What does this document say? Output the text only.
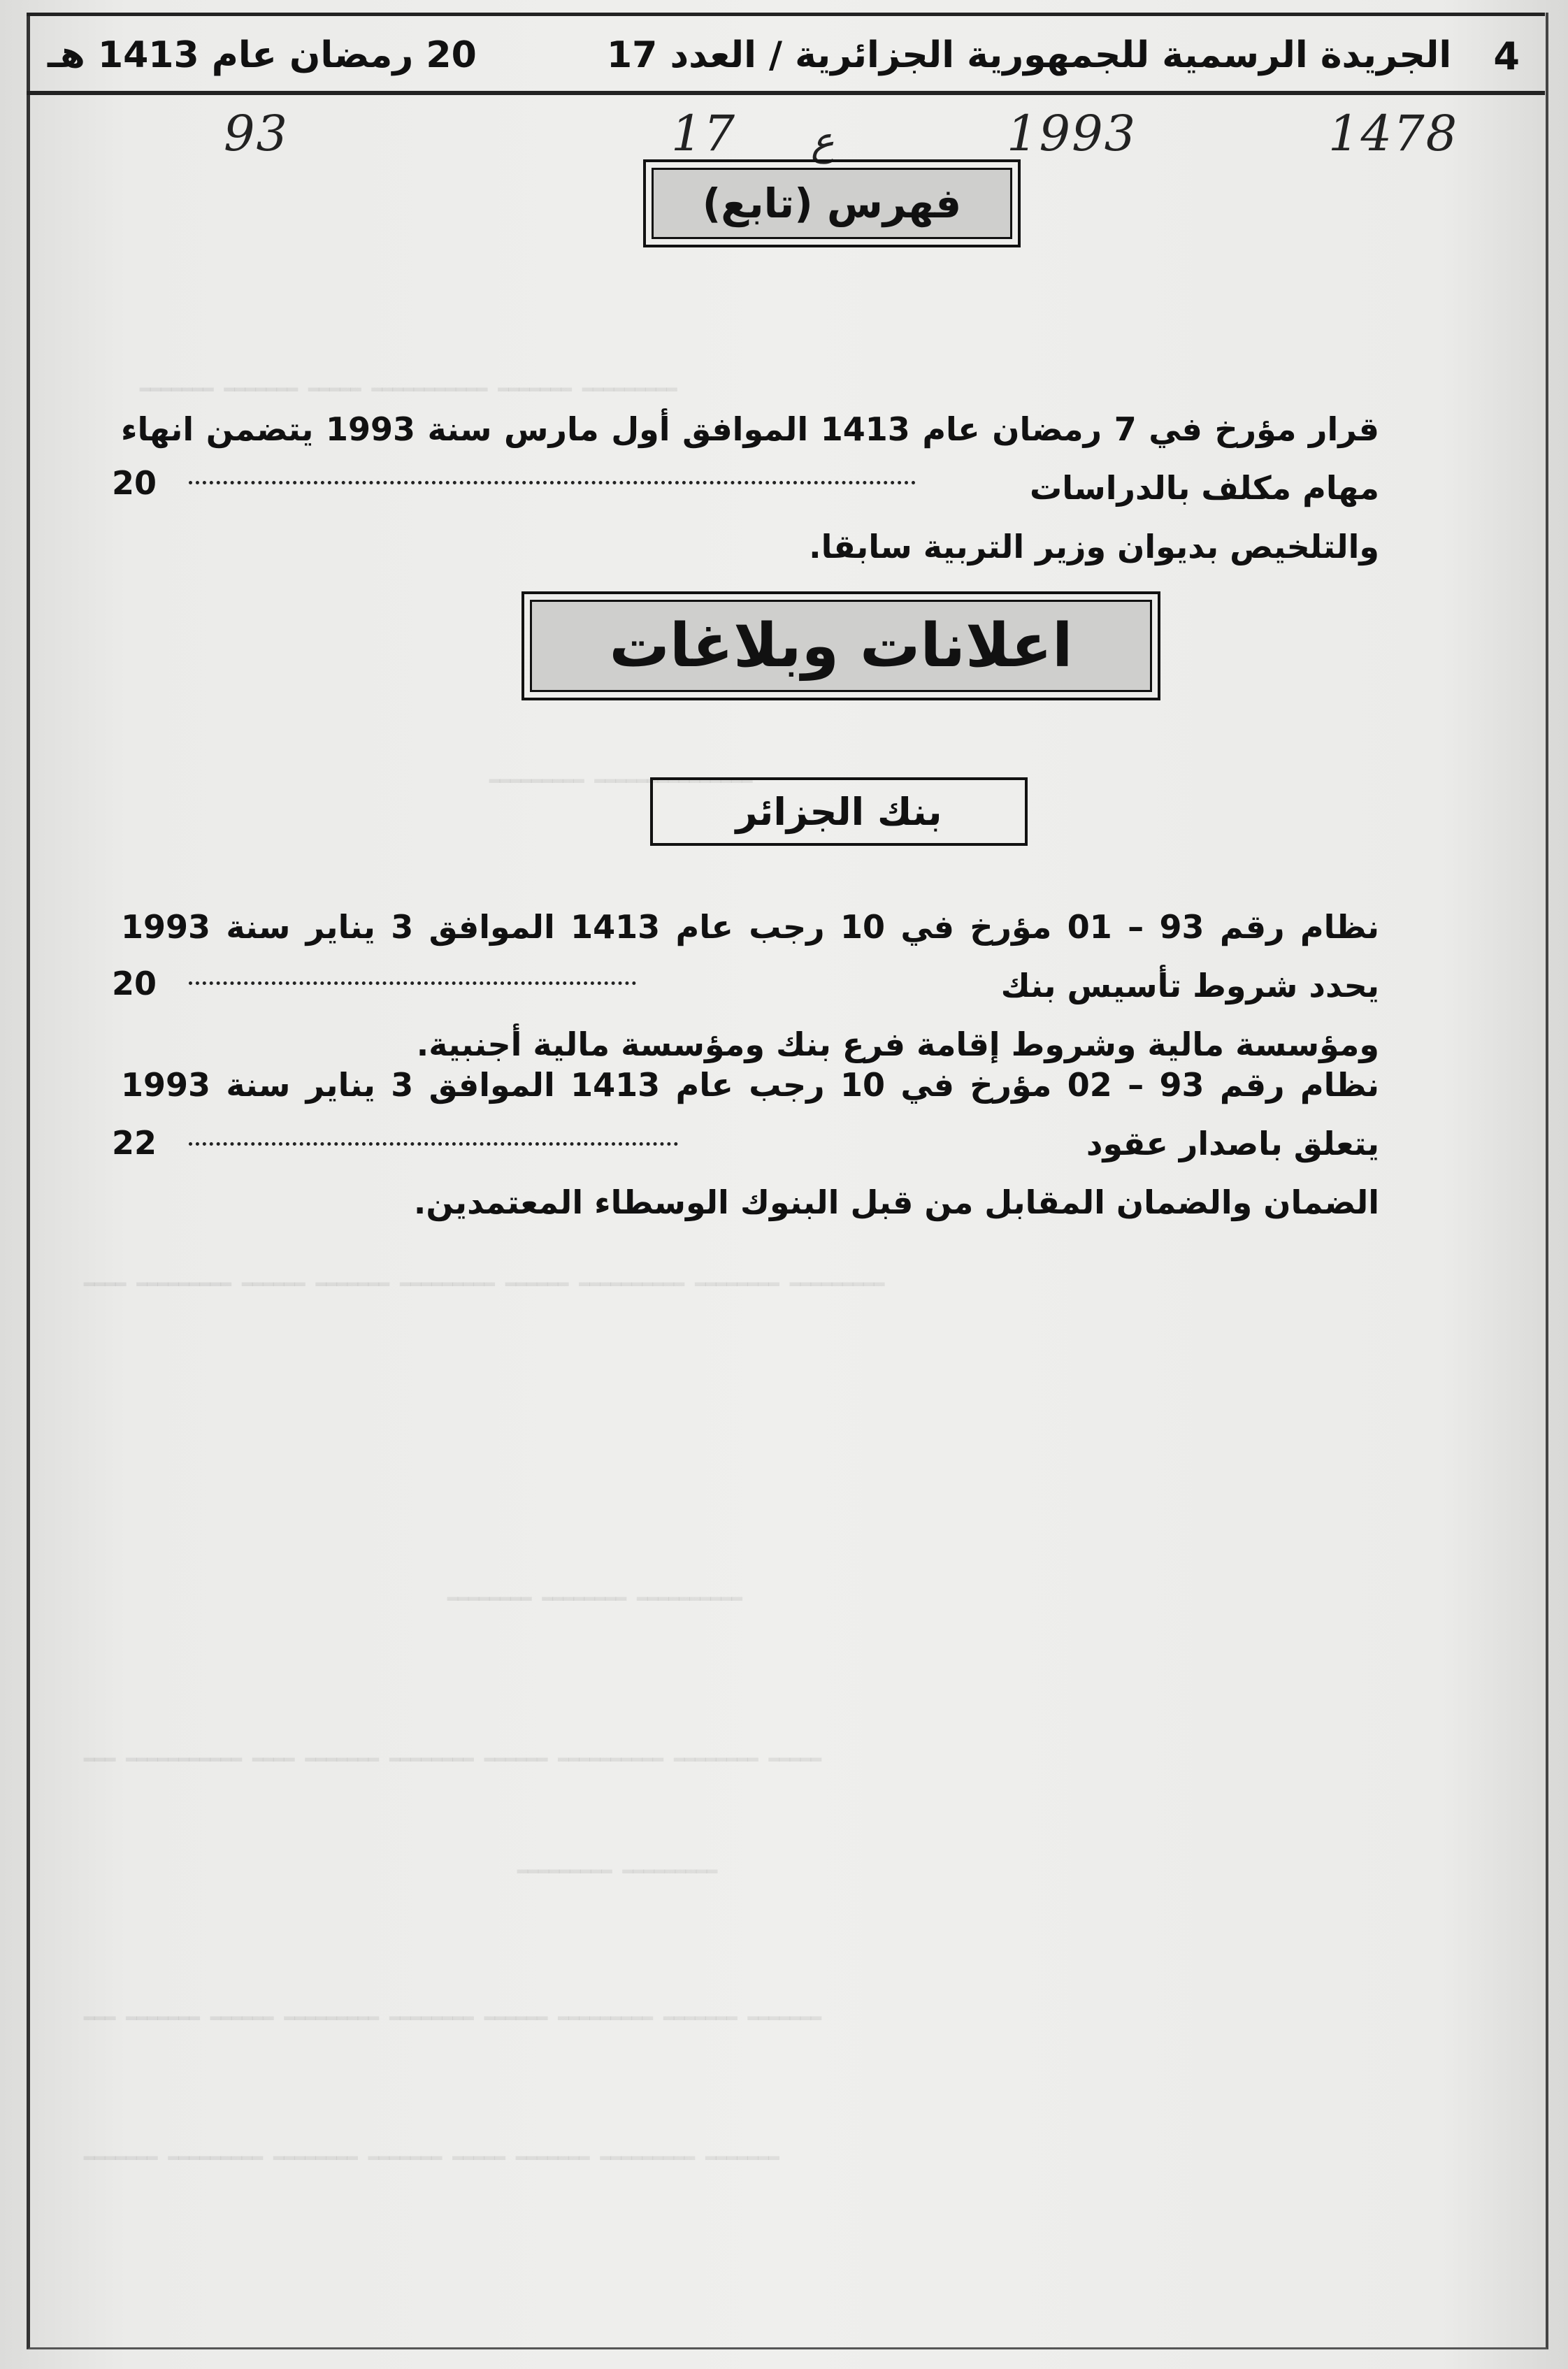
20 رمضان عام 1413 هـ	الجريدة الرسمية للجمهورية الجزائرية / العدد 17 4
93	17 ع	1993	1478
ـــــــــ ـــــــ ـــــــــــ ـــــ ـــــــ ـــــــ
ـــــــــــــــ ـــــــــ
ـــــــــ ــــــــ ــــــــــ ــــــ ـــــــــ ـــــــ ــــــ ـــــــــ ــــ
ــــــــــ ــــــــ ــــــــ
ـــــ ــــــــ ــــــــــ ــــــ ــــــــ ـــــــ ــــ ـــــــــــ ـــ
ـــــــــ ـــــــــ
ـــــــ ـــــــ ـــــــــ ــــــ ــــــــ ـــــــــ ــــــ ـــــــ ـــ
ـــــــ ـــــــــ ـــــــ ـــــ ـــــــ ــــــــ ـــــــــ ـــــــ
فهرس (تابع)
قرار مؤرخ في 7 رمضان عام 1413 الموافق أول مارس سنة 1993 يتضمن انهاء مهام مكلف بالدراسات
والتلخيص بديوان وزير التربية سابقا.
20
اعلانات وبلاغات
بنك الجزائر
نظام رقم 93 – 01 مؤرخ في 10 رجب عام 1413 الموافق 3 يناير سنة 1993 يحدد شروط تأسيس بنك
ومؤسسة مالية وشروط إقامة فرع بنك ومؤسسة مالية أجنبية.
20
نظام رقم 93 – 02 مؤرخ في 10 رجب عام 1413 الموافق 3 يناير سنة 1993 يتعلق باصدار عقود
الضمان والضمان المقابل من قبل البنوك الوسطاء المعتمدين.
22
